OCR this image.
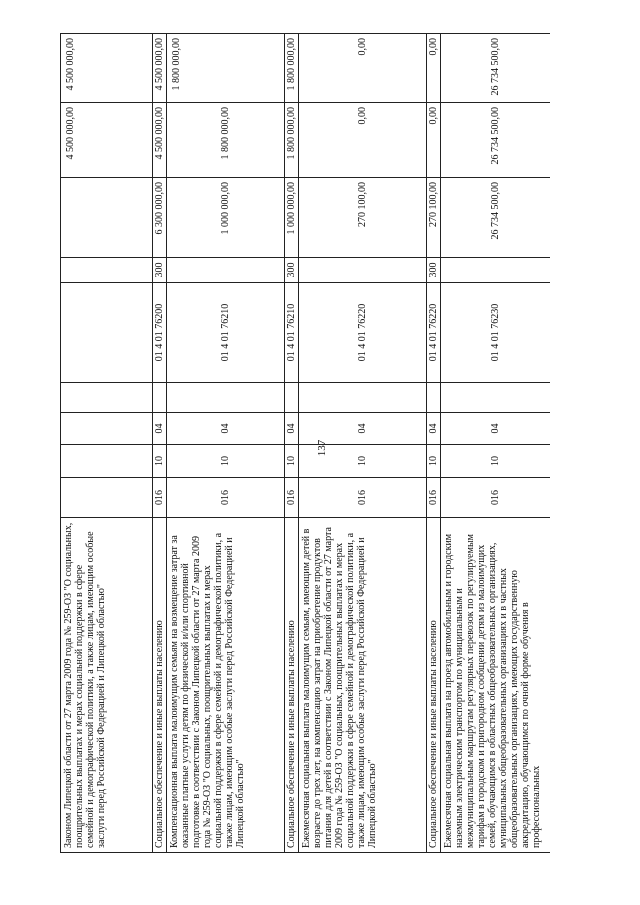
137
Законом Липецкой области от 27 марта 2009 года № 259-ОЗ "О социальных, поощрительных выплатах и мерах социальной поддержки в сфере семейной и демографической политики, а также лицам, имеющим особые заслуги перед Российской Федерацией и Липецкой областью"
4 500 000,00
4 500 000,00
Социальное обеспечение и иные выплаты населению
016
10
04
01 4 01 76200
300
6 300 000,00
4 500 000,00
4 500 000,00
Компенсационная выплата малоимущим семьям на возмещение затрат за оказанные платные услуги детям по физической и/или спортивной подготовке в соответствии с Законом Липецкой области от 27 марта 2009 года № 259-ОЗ "О социальных, поощрительных выплатах и мерах социальной поддержки в сфере семейной и демографической политики, а также лицам, имеющим особые заслуги перед Российской Федерацией и Липецкой областью"
016
10
04
01 4 01 76210
1 000 000,00
1 800 000,00
1 800 000,00
Социальное обеспечение и иные выплаты населению
016
10
04
01 4 01 76210
300
1 000 000,00
1 800 000,00
1 800 000,00
Ежемесячная социальная выплата малоимущим семьям, имеющим детей в возрасте до трех лет, на компенсацию затрат на приобретение продуктов питания для детей в соответствии с Законом Липецкой области от 27 марта 2009 года № 259-ОЗ "О социальных, поощрительных выплатах и мерах социальной поддержки в сфере семейной и демографической политики, а также лицам, имеющим особые заслуги перед Российской Федерацией и Липецкой областью"
016
10
04
01 4 01 76220
270 100,00
0,00
0,00
Социальное обеспечение и иные выплаты населению
016
10
04
01 4 01 76220
300
270 100,00
0,00
0,00
Ежемесячная социальная выплата на проезд автомобильным и городским наземным электрическим транспортом по муниципальным и межмуниципальным маршрутам регулярных перевозок по регулируемым тарифам в городском и пригородном сообщении детям из малоимущих семей, обучающимся в областных общеобразовательных организациях, муниципальных общеобразовательных организациях и в частных общеобразовательных организациях, имеющих государственную аккредитацию, обучающимся по очной форме обучения в профессиональных
016
10
04
01 4 01 76230
26 734 500,00
26 734 500,00
26 734 500,00
